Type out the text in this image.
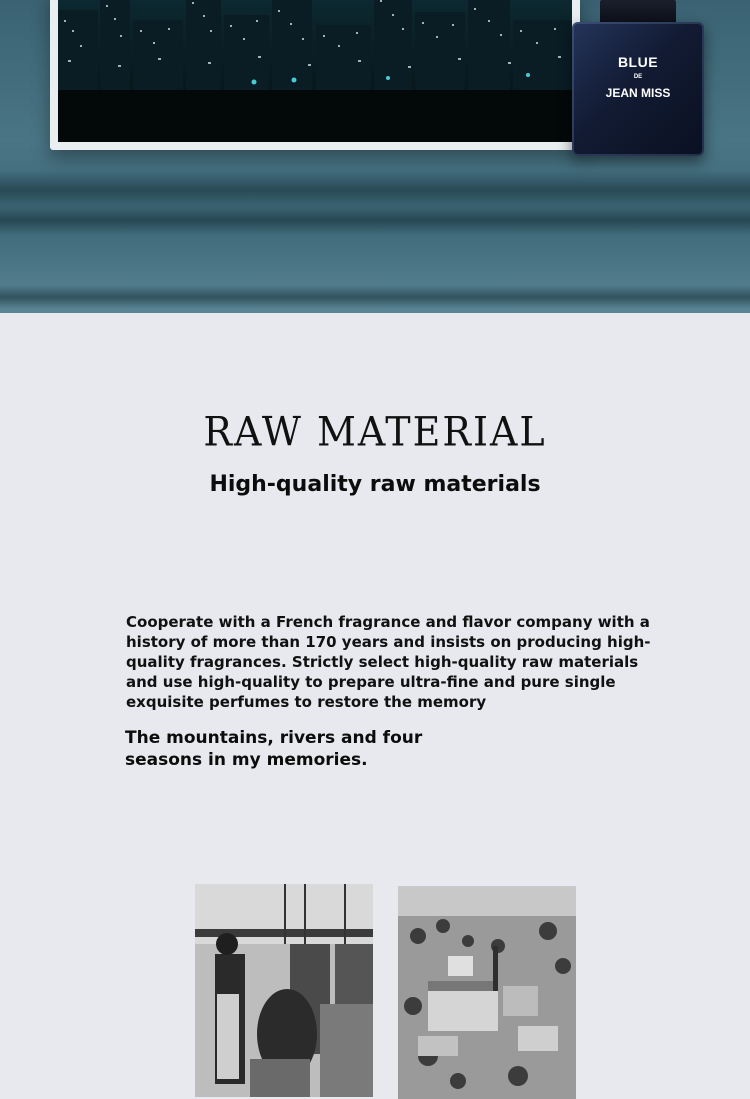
BLUE
DE
JEAN MISS
RAW MATERIAL
High-quality raw materials
Cooperate with a French fragrance and flavor company with a history of more than 170 years and insists on producing high-quality fragrances. Strictly select high-quality raw materials and use high-quality to prepare ultra-fine and pure single exquisite perfumes to restore the memory
The mountains, rivers and four seasons in my memories.
